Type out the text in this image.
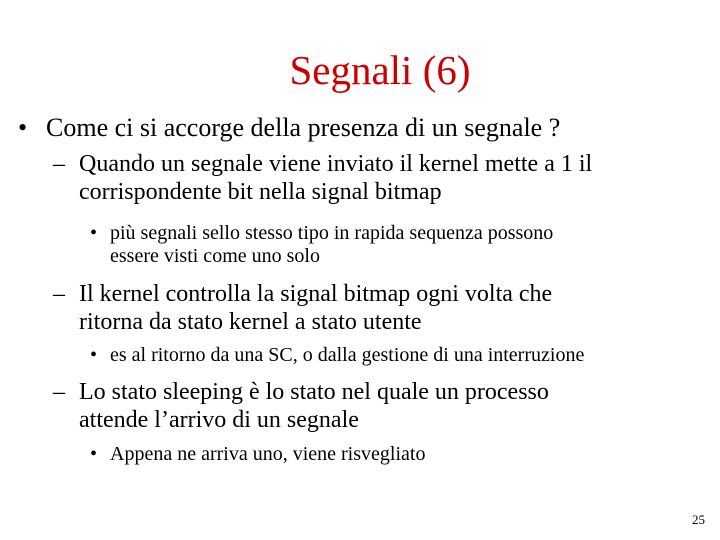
Segnali (6)
• Come ci si accorge della presenza di un segnale ?
– Quando un segnale viene inviato il kernel mette a 1 il
corrispondente bit nella signal bitmap
• più segnali sello stesso tipo in rapida sequenza possono
essere visti come uno solo
– Il kernel controlla la signal bitmap ogni volta che
ritorna da stato kernel a stato utente
• es al ritorno da una SC, o dalla gestione di una interruzione
– Lo stato sleeping è lo stato nel quale un processo
attende l’arrivo di un segnale
• Appena ne arriva uno, viene risvegliato
25
